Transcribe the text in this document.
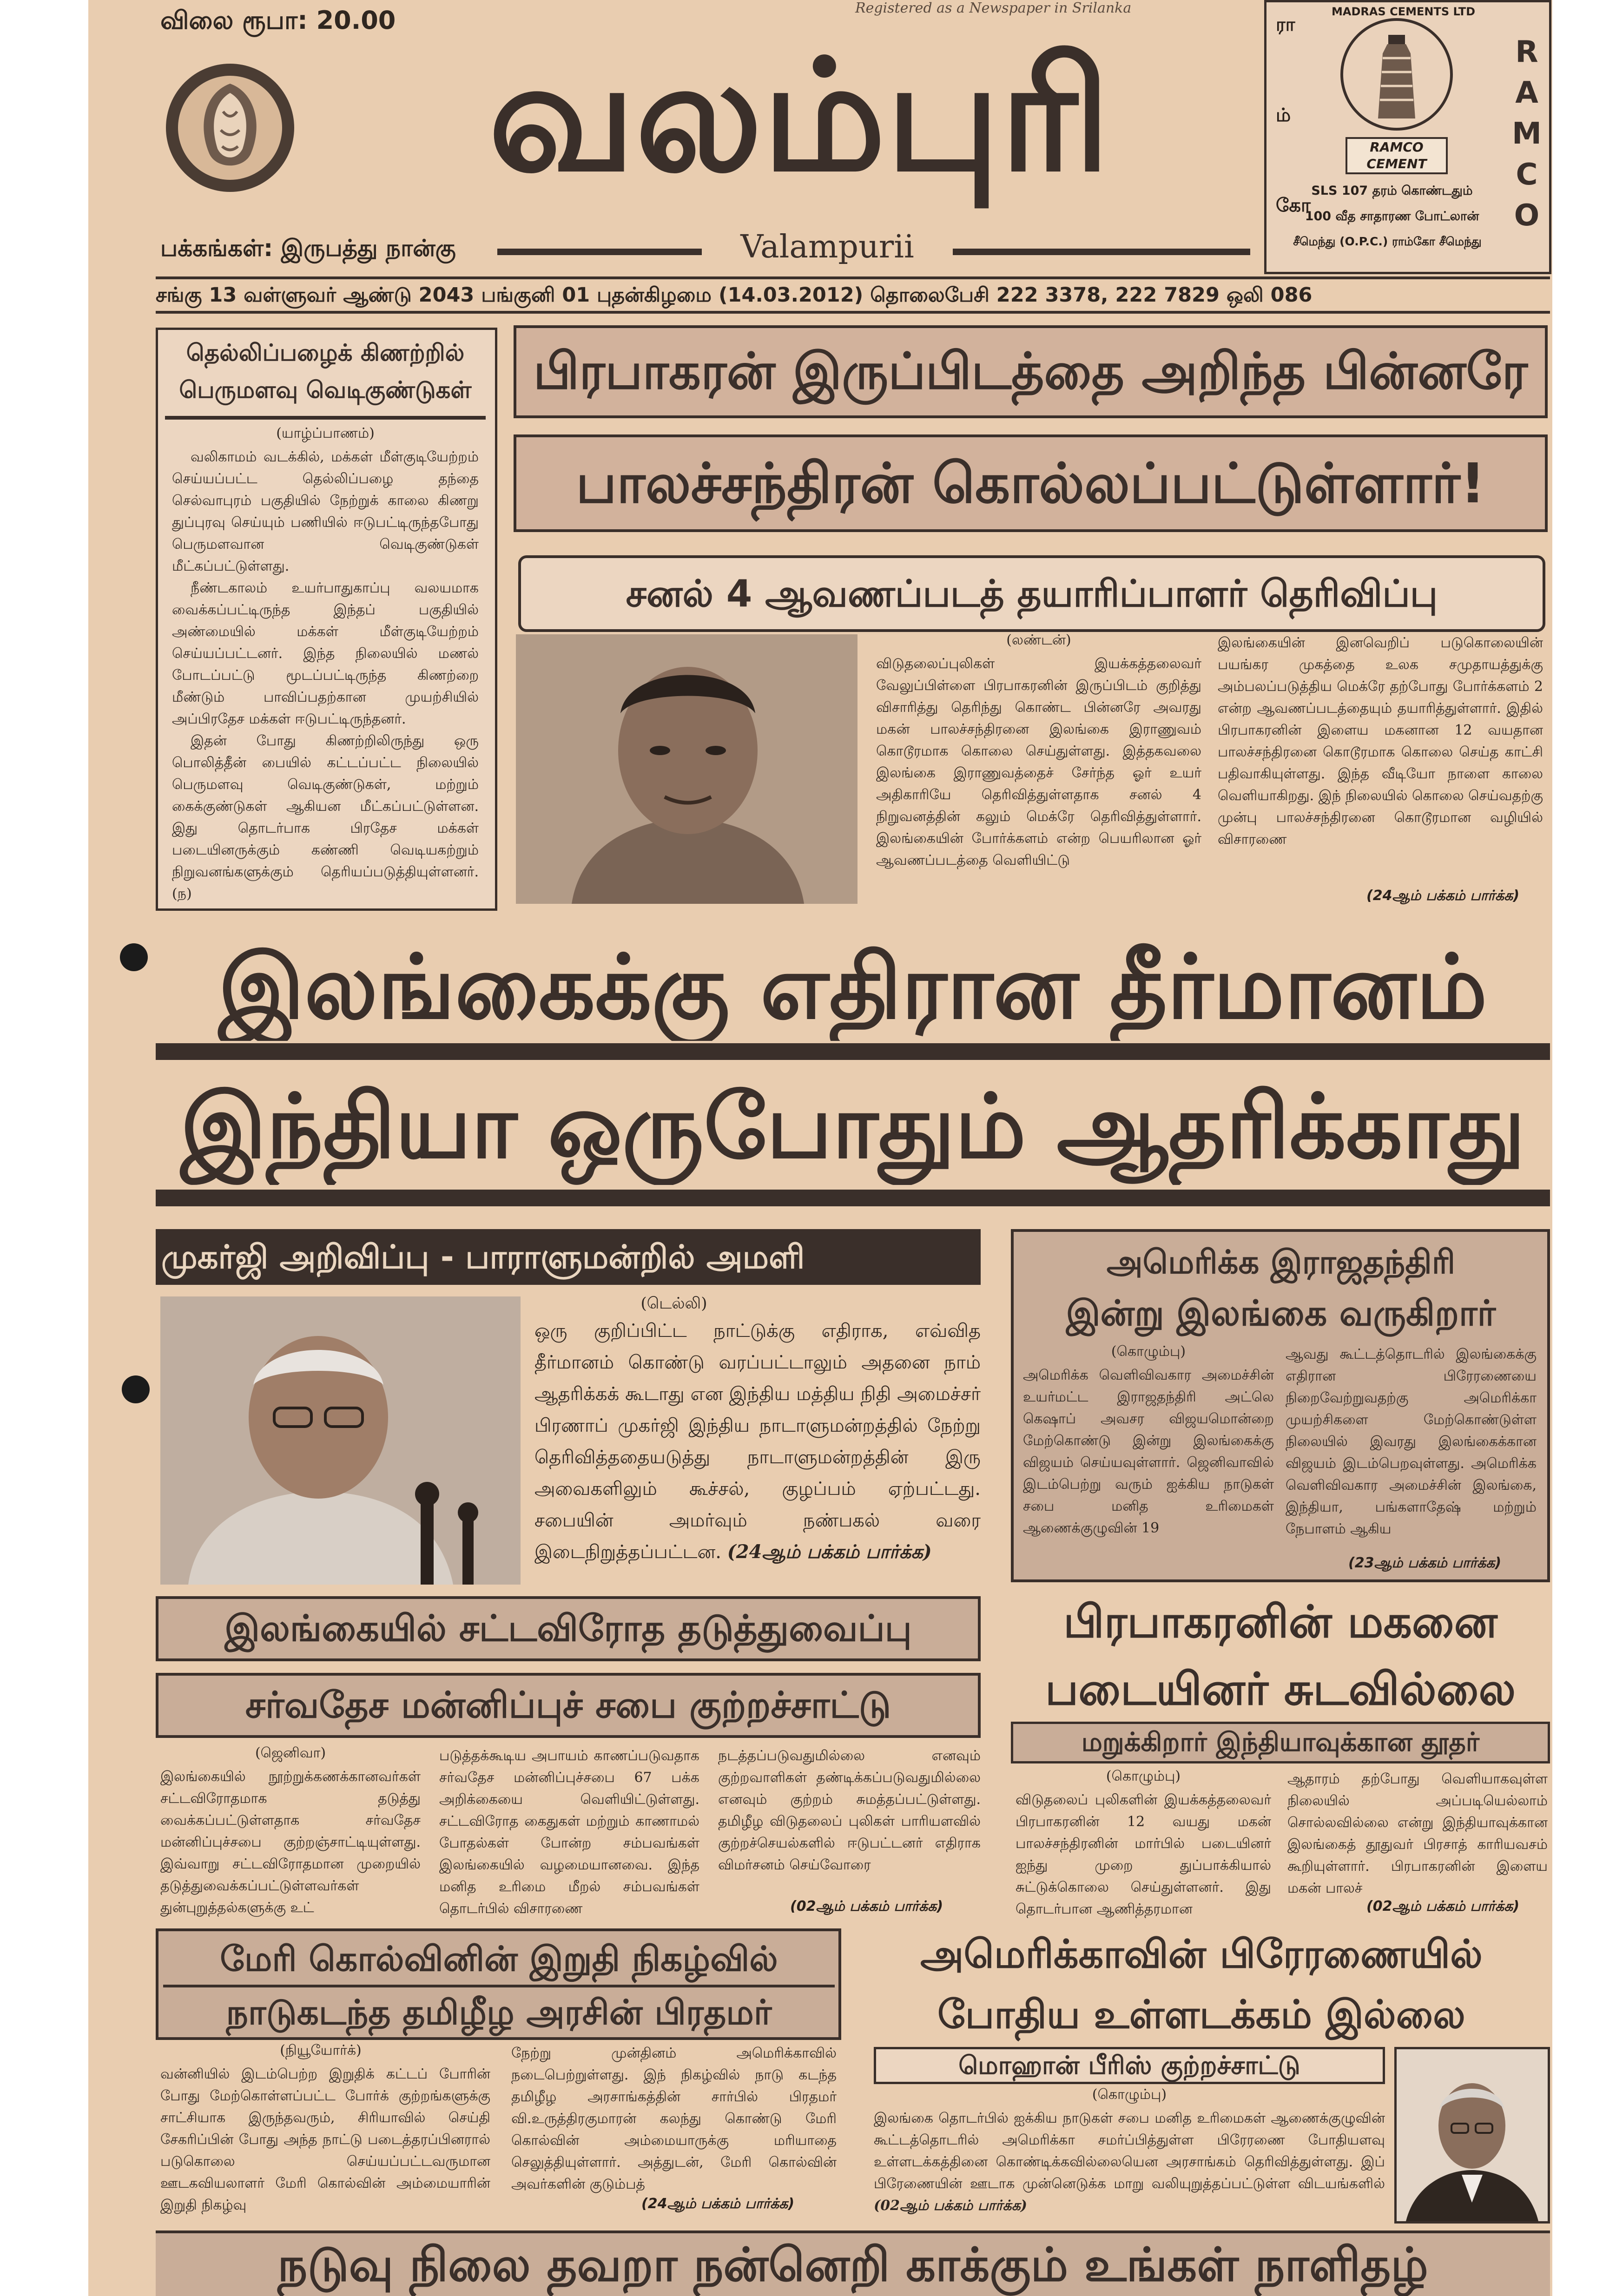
விலை ரூபா: 20.00	Registered as a Newspaper in Srilanka
வலம்புரி
பக்கங்கள்: இருபத்து நான்கு	Valampurii
ரா
ம்
கோ
MADRAS CEMENTS LTD
RAMCO CEMENT
SLS 107 தரம் கொண்டதும்
100 வீத சாதாரண போட்லான்
சீமெந்து (O.P.C.) ராம்கோ சீமெந்து
RAMCO
சங்கு 13 வள்ளுவர் ஆண்டு 2043 பங்குனி 01 புதன்கிழமை (14.03.2012) தொலைபேசி 222 3378, 222 7829 ஒலி 086
தெல்லிப்பழைக் கிணற்றில்
பெருமளவு வெடிகுண்டுகள்
(யாழ்ப்பாணம்)

வலிகாமம் வடக்கில், மக்கள் மீள்குடியேற்றம் செய்யப்பட்ட தெல்லிப்பழை தந்தை செல்வாபுரம் பகுதியில் நேற்றுக் காலை கிணறு துப்புரவு செய்யும் பணியில் ஈடுபட்டிருந்தபோது பெருமளவான வெடிகுண்டுகள் மீட்கப்பட்டுள்ளது.

நீண்டகாலம் உயர்பாதுகாப்பு வலயமாக வைக்கப்பட்டிருந்த இந்தப் பகுதியில் அண்மையில் மக்கள் மீள்குடியேற்றம் செய்யப்பட்டனர். இந்த நிலையில் மணல் போடப்பட்டு மூடப்பட்டிருந்த கிணற்றை மீண்டும் பாவிப்பதற்கான முயற்சியில் அப்பிரதேச மக்கள் ஈடுபட்டிருந்தனர்.

இதன் போது கிணற்றிலிருந்து ஒரு பொலித்தீன் பையில் கட்டப்பட்ட நிலையில் பெருமளவு வெடிகுண்டுகள், மற்றும் கைக்குண்டுகள் ஆகியன மீட்கப்பட்டுள்ளன. இது தொடர்பாக பிரதேச மக்கள் படையினருக்கும் கண்ணி வெடியகற்றும் நிறுவனங்களுக்கும் தெரியப்படுத்தியுள்ளனர். (ந)

பிரபாகரன் இருப்பிடத்தை அறிந்த பின்னரே
பாலச்சந்திரன் கொல்லப்பட்டுள்ளார்!
சனல் 4 ஆவணப்படத் தயாரிப்பாளர் தெரிவிப்பு
(லண்டன்)
விடுதலைப்புலிகள் இயக்கத்தலைவர் வேலுப்பிள்ளை பிரபாகரனின் இருப்பிடம் குறித்து விசாரித்து தெரிந்து கொண்ட பின்னரே அவரது மகன் பாலச்சந்திரனை இலங்கை இராணுவம் கொடூரமாக கொலை செய்துள்ளது. இத்தகவலை இலங்கை இராணுவத்தைச் சேர்ந்த ஓர் உயர் அதிகாரியே தெரிவித்துள்ளதாக சனல் 4 நிறுவனத்தின் கலும் மெக்ரே தெரிவித்துள்ளார். இலங்கையின் போர்க்களம் என்ற பெயரிலான ஓர் ஆவணப்படத்தை வெளியிட்டு
இலங்கையின் இனவெறிப் படுகொலையின் பயங்கர முகத்தை உலக சமுதாயத்துக்கு அம்பலப்படுத்திய மெக்ரே தற்போது போர்க்களம் 2 என்ற ஆவணப்படத்தையும் தயாரித்துள்ளார். இதில் பிரபாகரனின் இளைய மகனான 12 வயதான பாலச்சந்திரனை கொடூரமாக கொலை செய்த காட்சி பதிவாகியுள்ளது. இந்த வீடியோ நாளை காலை வெளியாகிறது. இந் நிலையில் கொலை செய்வதற்கு முன்பு பாலச்சந்திரனை கொடூரமான வழியில் விசாரணை
(24ஆம் பக்கம் பார்க்க)
இலங்கைக்கு எதிரான தீர்மானம்
இந்தியா ஒருபோதும் ஆதரிக்காது
முகர்ஜி அறிவிப்பு - பாராளுமன்றில் அமளி
(டெல்லி)
ஒரு குறிப்பிட்ட நாட்டுக்கு எதிராக, எவ்வித தீர்மானம் கொண்டு வரப்பட்டாலும் அதனை நாம் ஆதரிக்கக் கூடாது என இந்திய மத்திய நிதி அமைச்சர் பிரணாப் முகர்ஜி இந்திய நாடாளுமன்றத்தில் நேற்று தெரிவித்ததையடுத்து நாடாளுமன்றத்தின் இரு அவைகளிலும் கூச்சல், குழப்பம் ஏற்பட்டது. சபையின் அமர்வும் நண்பகல் வரை இடைநிறுத்தப்பட்டன. (24ஆம் பக்கம் பார்க்க)
அமெரிக்க இராஜதந்திரி
இன்று இலங்கை வருகிறார்
(கொழும்பு)
அமெரிக்க வெளிவிவகார அமைச்சின் உயர்மட்ட இராஜதந்திரி அட்லெ கெஷாப் அவசர விஜயமொன்றை மேற்கொண்டு இன்று இலங்கைக்கு விஜயம் செய்யவுள்ளார். ஜெனிவாவில் இடம்பெற்று வரும் ஐக்கிய நாடுகள் சபை மனித உரிமைகள் ஆணைக்குழுவின் 19
ஆவது கூட்டத்தொடரில் இலங்கைக்கு எதிரான பிரேரணையை நிறைவேற்றுவதற்கு அமெரிக்கா முயற்சிகளை மேற்கொண்டுள்ள நிலையில் இவரது இலங்கைக்கான விஜயம் இடம்பெறவுள்ளது. அமெரிக்க வெளிவிவகார அமைச்சின் இலங்கை, இந்தியா, பங்களாதேஷ் மற்றும் நேபாளம் ஆகிய
(23ஆம் பக்கம் பார்க்க)
இலங்கையில் சட்டவிரோத தடுத்துவைப்பு
சர்வதேச மன்னிப்புச் சபை குற்றச்சாட்டு
(ஜெனிவா)
இலங்கையில் நூற்றுக்கணக்கானவர்கள் சட்டவிரோதமாக தடுத்து வைக்கப்பட்டுள்ளதாக சர்வதேச மன்னிப்புச்சபை குற்றஞ்சாட்டியுள்ளது. இவ்வாறு சட்டவிரோதமான முறையில் தடுத்துவைக்கப்பட்டுள்ளவர்கள் துன்புறுத்தல்களுக்கு உட்
படுத்தக்கூடிய அபாயம் காணப்படுவதாக சர்வதேச மன்னிப்புச்சபை 67 பக்க அறிக்கையை வெளியிட்டுள்ளது. சட்டவிரோத கைதுகள் மற்றும் காணாமல் போதல்கள் போன்ற சம்பவங்கள் இலங்கையில் வழமையானவை. இந்த மனித உரிமை மீறல் சம்பவங்கள் தொடர்பில் விசாரணை
நடத்தப்படுவதுமில்லை எனவும் குற்றவாளிகள் தண்டிக்கப்படுவதுமில்லை எனவும் குற்றம் சுமத்தப்பட்டுள்ளது. தமிழீழ விடுதலைப் புலிகள் பாரியளவில் குற்றச்செயல்களில் ஈடுபட்டனர் எதிராக விமர்சனம் செய்வோரை
(02ஆம் பக்கம் பார்க்க)
பிரபாகரனின் மகனை
படையினர் சுடவில்லை
மறுக்கிறார் இந்தியாவுக்கான தூதர்
(கொழும்பு)
விடுதலைப் புலிகளின் இயக்கத்தலைவர் பிரபாகரனின் 12 வயது மகன் பாலச்சந்திரனின் மார்பில் படையினர் ஐந்து முறை துப்பாக்கியால் சுட்டுக்கொலை செய்துள்ளனர். இது தொடர்பான ஆணித்தரமான
ஆதாரம் தற்போது வெளியாகவுள்ள நிலையில் அப்படியெல்லாம் சொல்லவில்லை என்று இந்தியாவுக்கான இலங்கைத் தூதுவர் பிரசாத் காரியவசம் கூறியுள்ளார். பிரபாகரனின் இளைய மகன் பாலச்
(02ஆம் பக்கம் பார்க்க)
மேரி கொல்வினின் இறுதி நிகழ்வில்
நாடுகடந்த தமிழீழ அரசின் பிரதமர்
(நியூயோர்க்)
வன்னியில் இடம்பெற்ற இறுதிக் கட்டப் போரின் போது மேற்கொள்ளப்பட்ட போர்க் குற்றங்களுக்கு சாட்சியாக இருந்தவரும், சிரியாவில் செய்தி சேகரிப்பின் போது அந்த நாட்டு படைத்தரப்பினரால் படுகொலை செய்யப்பட்டவருமான ஊடகவியலாளர் மேரி கொல்வின் அம்மையாரின் இறுதி நிகழ்வு
நேற்று முன்தினம் அமெரிக்காவில் நடைபெற்றுள்ளது. இந் நிகழ்வில் நாடு கடந்த தமிழீழ அரசாங்கத்தின் சார்பில் பிரதமர் வி.உருத்திரகுமாரன் கலந்து கொண்டு மேரி கொல்வின் அம்மையாருக்கு மரியாதை செலுத்தியுள்ளார். அத்துடன், மேரி கொல்வின் அவர்களின் குடும்பத்
(24ஆம் பக்கம் பார்க்க)
அமெரிக்காவின் பிரேரணையில்
போதிய உள்ளடக்கம் இல்லை
மொஹான் பீரிஸ் குற்றச்சாட்டு
(கொழும்பு)
இலங்கை தொடர்பில் ஐக்கிய நாடுகள் சபை மனித உரிமைகள் ஆணைக்குழுவின் கூட்டத்தொடரில் அமெரிக்கா சமர்ப்பித்துள்ள பிரேரணை போதியளவு உள்ளடக்கத்தினை கொண்டிக்கவில்லையென அரசாங்கம் தெரிவித்துள்ளது. இப் பிரேணையின் ஊடாக முன்னெடுக்க மாறு வலியுறுத்தப்பட்டுள்ள விடயங்களில் (02ஆம் பக்கம் பார்க்க)
நடுவு நிலை தவறா நன்னெறி காக்கும் உங்கள் நாளிதழ்
